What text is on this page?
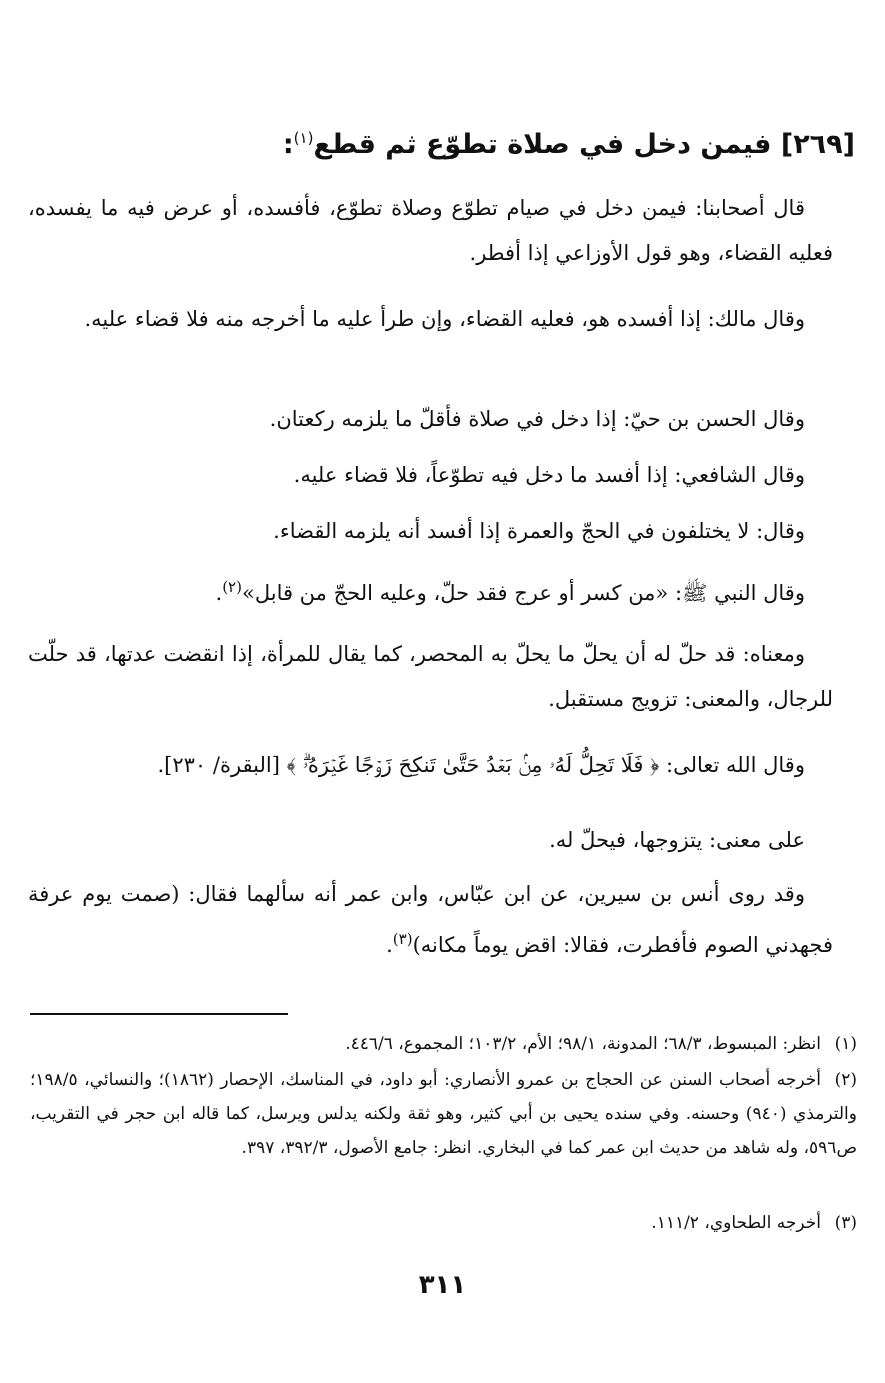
[٢٦٩] فيمن دخل في صلاة تطوّع ثم قطع$^{(١)}$:
قال أصحابنا: فيمن دخل في صيام تطوّع وصلاة تطوّع، فأفسده، أو عرض فيه ما يفسده، فعليه القضاء، وهو قول الأوزاعي إذا أفطر.
وقال مالك: إذا أفسده هو، فعليه القضاء، وإن طرأ عليه ما أخرجه منه فلا قضاء عليه.
وقال الحسن بن حيّ: إذا دخل في صلاة فأقلّ ما يلزمه ركعتان.
وقال الشافعي: إذا أفسد ما دخل فيه تطوّعاً، فلا قضاء عليه.
وقال: لا يختلفون في الحجّ والعمرة إذا أفسد أنه يلزمه القضاء.
وقال النبي ﷺ: «من كسر أو عرج فقد حلّ، وعليه الحجّ من قابل»$^{(٢)}$.
ومعناه: قد حلّ له أن يحلّ ما يحلّ به المحصر، كما يقال للمرأة، إذا انقضت عدتها، قد حلّت للرجال، والمعنى: تزويج مستقبل.
وقال الله تعالى: ﴿ فَلَا تَحِلُّ لَهُۥ مِنۢ بَعۡدُ حَتَّىٰ تَنكِحَ زَوۡجًا غَيۡرَهُۥۗ ﴾ [البقرة/ ٢٣٠].
على معنى: يتزوجها، فيحلّ له.
وقد روى أنس بن سيرين، عن ابن عبّاس، وابن عمر أنه سألهما فقال: (صمت يوم عرفة فجهدني الصوم فأفطرت، فقالا: اقض يوماً مكانه)$^{(٣)}$.
(١)انظر: المبسوط، ٦٨/٣؛ المدونة، ٩٨/١؛ الأم، ١٠٣/٢؛ المجموع، ٤٤٦/٦.
(٢)أخرجه أصحاب السنن عن الحجاج بن عمرو الأنصاري: أبو داود، في المناسك، الإحصار (١٨٦٢)؛ والنسائي، ١٩٨/٥؛ والترمذي (٩٤٠) وحسنه. وفي سنده يحيى بن أبي كثير، وهو ثقة ولكنه يدلس ويرسل، كما قاله ابن حجر في التقريب، ص٥٩٦، وله شاهد من حديث ابن عمر كما في البخاري. انظر: جامع الأصول، ٣٩٢/٣، ٣٩٧.
(٣)أخرجه الطحاوي، ١١١/٢.
٣١١
